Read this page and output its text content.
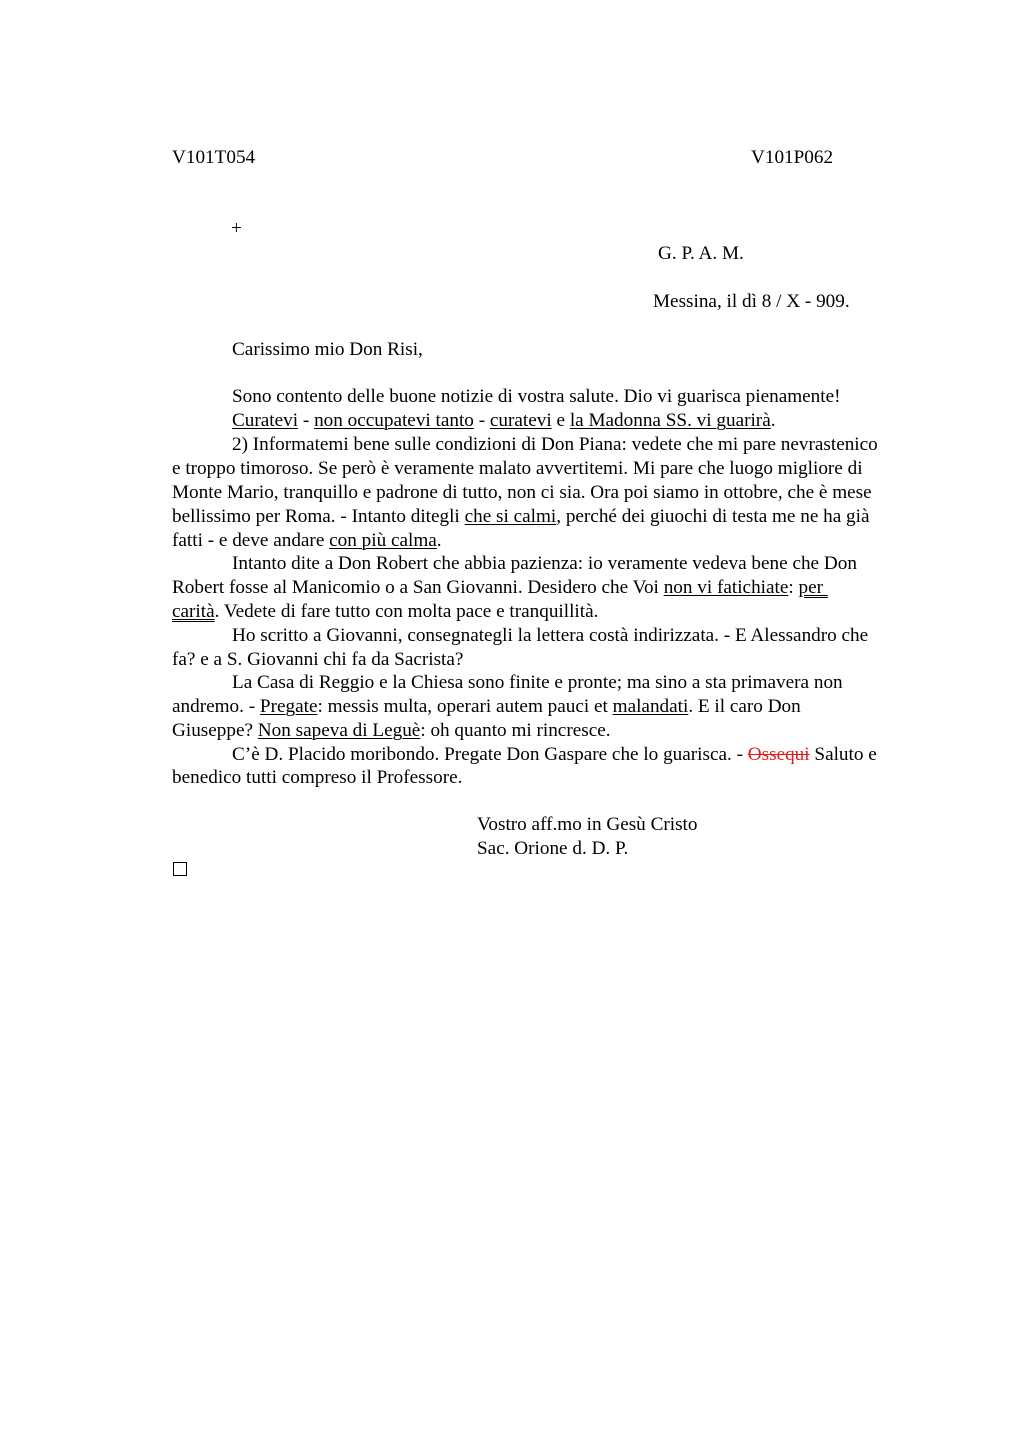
V101T054	V101P062
+
G. P. A. M.
Messina, il dì 8 / X - 909.
Carissimo mio Don Risi,
Sono contento delle buone notizie di vostra salute. Dio vi guarisca pienamente!
Curatevi - non occupatevi tanto - curatevi e la Madonna SS. vi guarirà.
2) Informatemi bene sulle condizioni di Don Piana: vedete che mi pare nevrastenico
e troppo timoroso. Se però è veramente malato avvertitemi. Mi pare che luogo migliore di
Monte Mario, tranquillo e padrone di tutto, non ci sia. Ora poi siamo in ottobre, che è mese
bellissimo per Roma. - Intanto ditegli che si calmi, perché dei giuochi di testa me ne ha già
fatti - e deve andare con più calma.
Intanto dite a Don Robert che abbia pazienza: io veramente vedeva bene che Don
Robert fosse al Manicomio o a San Giovanni. Desidero che Voi non vi fatichiate: per
carità. Vedete di fare tutto con molta pace e tranquillità.
Ho scritto a Giovanni, consegnategli la lettera costà indirizzata. - E Alessandro che
fa? e a S. Giovanni chi fa da Sacrista?
La Casa di Reggio e la Chiesa sono finite e pronte; ma sino a sta primavera non
andremo. - Pregate: messis multa, operari autem pauci et malandati. E il caro Don
Giuseppe? Non sapeva di Leguè: oh quanto mi rincresce.
C’è D. Placido moribondo. Pregate Don Gaspare che lo guarisca. - Ossequi Saluto e
benedico tutti compreso il Professore.
Vostro aff.mo in Gesù Cristo
Sac. Orione d. D. P.
